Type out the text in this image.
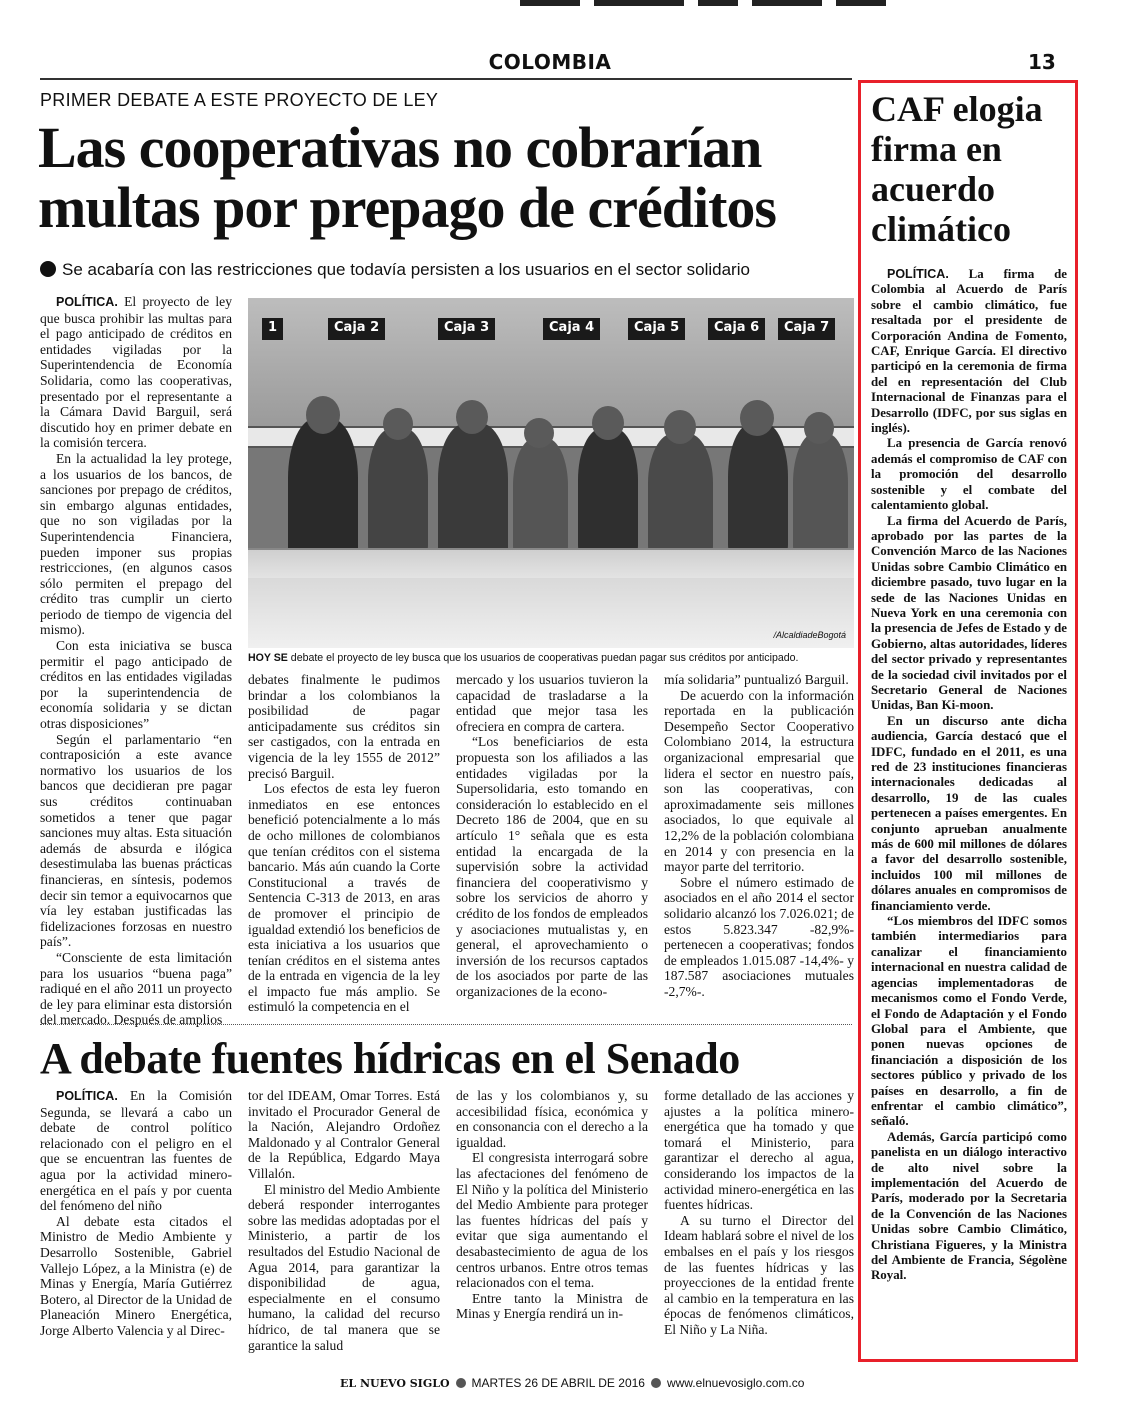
COLOMBIA	13
PRIMER DEBATE A ESTE PROYECTO DE LEY
Las cooperativas no cobrarían multas por prepago de créditos
Se acabaría con las restricciones que todavía persisten a los usuarios en el sector solidario

POLÍTICA. El proyecto de ley que busca prohibir las multas para el pago anticipado de créditos en entidades vigiladas por la Superintendencia de Economía Solidaria, como las cooperativas, presentado por el representante a la Cámara David Barguil, será discutido hoy en primer debate en la comisión tercera.

En la actualidad la ley protege, a los usuarios de los bancos, de sanciones por prepago de créditos, sin embargo algunas entidades, que no son vigiladas por la Superintendencia Financiera, pueden imponer sus propias restricciones, (en algunos casos sólo permiten el prepago del crédito tras cumplir un cierto periodo de tiempo de vigencia del mismo).

Con esta iniciativa se busca permitir el pago anticipado de créditos en las entidades vigiladas por la superintendencia de economía solidaria y se dictan otras disposiciones”

Según el parlamentario “en contraposición a este avance normativo los usuarios de los bancos que decidieran pre pagar sus créditos continuaban sometidos a tener que pagar sanciones muy altas. Esta situación además de absurda e ilógica desestimulaba las buenas prácticas financieras, en síntesis, podemos decir sin temor a equivocarnos que vía ley estaban justificadas las fidelizaciones forzosas en nuestro país”.

“Consciente de esta limitación para los usuarios “buena paga” radiqué en el año 2011 un proyecto de ley para eliminar esta distorsión del mercado. Después de amplios

1	Caja 2	Caja 3	Caja 4	Caja 5	Caja 6	Caja 7
/AlcaldiadeBogotá
HOY SE debate el proyecto de ley busca que los usuarios de cooperativas puedan pagar sus créditos por anticipado.

debates finalmente le pudimos brindar a los colombianos la posibilidad de pagar anticipadamente sus créditos sin ser castigados, con la entrada en vigencia de la ley 1555 de 2012” precisó Barguil.

Los efectos de esta ley fueron inmediatos en ese entonces benefició potencialmente a lo más de ocho millones de colombianos que tenían créditos con el sistema bancario. Más aún cuando la Corte Constitucional a través de Sentencia C-313 de 2013, en aras de promover el principio de igualdad extendió los beneficios de esta iniciativa a los usuarios que tenían créditos en el sistema antes de la entrada en vigencia de la ley el impacto fue más amplio. Se estimuló la competencia en el

mercado y los usuarios tuvieron la capacidad de trasladarse a la entidad que mejor tasa les ofreciera en compra de cartera.

“Los beneficiarios de esta propuesta son los afiliados a las entidades vigiladas por la Supersolidaria, esto tomando en consideración lo establecido en el Decreto 186 de 2004, que en su artículo 1° señala que es esta entidad la encargada de la supervisión sobre la actividad financiera del cooperativismo y sobre los servicios de ahorro y crédito de los fondos de empleados y asociaciones mutualistas y, en general, el aprovechamiento o inversión de los recursos captados de los asociados por parte de las organizaciones de la econo-

mía solidaria” puntualizó Barguil.

De acuerdo con la información reportada en la publicación Desempeño Sector Cooperativo Colombiano 2014, la estructura organizacional empresarial que lidera el sector en nuestro país, son las cooperativas, con aproximadamente seis millones asociados, lo que equivale al 12,2% de la población colombiana en 2014 y con presencia en la mayor parte del territorio.

Sobre el número estimado de asociados en el año 2014 el sector solidario alcanzó los 7.026.021; de estos 5.823.347 -82,9%- pertenecen a cooperativas; fondos de empleados 1.015.087 -14,4%- y 187.587 asociaciones mutuales -2,7%-.

A debate fuentes hídricas en el Senado

POLÍTICA. En la Comisión Segunda, se llevará a cabo un debate de control político relacionado con el peligro en el que se encuentran las fuentes de agua por la actividad minero-energética en el país y por cuenta del fenómeno del niño

Al debate esta citados el Ministro de Medio Ambiente y Desarrollo Sostenible, Gabriel Vallejo López, a la Ministra (e) de Minas y Energía, María Gutiérrez Botero, al Director de la Unidad de Planeación Minero Energética, Jorge Alberto Valencia y al Direc-

tor del IDEAM, Omar Torres. Está invitado el Procurador General de la Nación, Alejandro Ordoñez Maldonado y al Contralor General de la República, Edgardo Maya Villalón.

El ministro del Medio Ambiente deberá responder interrogantes sobre las medidas adoptadas por el Ministerio, a partir de los resultados del Estudio Nacional de Agua 2014, para garantizar la disponibilidad de agua, especialmente en el consumo humano, la calidad del recurso hídrico, de tal manera que se garantice la salud

de las y los colombianos y, su accesibilidad física, económica y en consonancia con el derecho a la igualdad.

El congresista interrogará sobre las afectaciones del fenómeno de El Niño y la política del Ministerio del Medio Ambiente para proteger las fuentes hídricas del país y evitar que siga aumentando el desabastecimiento de agua de los centros urbanos. Entre otros temas relacionados con el tema.

Entre tanto la Ministra de Minas y Energía rendirá un in-

forme detallado de las acciones y ajustes a la política minero-energética que ha tomado y que tomará el Ministerio, para garantizar el derecho al agua, considerando los impactos de la actividad minero-energética en las fuentes hídricas.

A su turno el Director del Ideam hablará sobre el nivel de los embalses en el país y los riesgos de las fuentes hídricas y las proyecciones de la entidad frente al cambio en la temperatura en las épocas de fenómenos climáticos, El Niño y La Niña.

CAF elogia firma en acuerdo climático

POLÍTICA. La firma de Colombia al Acuerdo de París sobre el cambio climático, fue resaltada por el presidente de Corporación Andina de Fomento, CAF, Enrique García. El directivo participó en la ceremonia de firma del en representación del Club Internacional de Finanzas para el Desarrollo (IDFC, por sus siglas en inglés).

La presencia de García renovó además el compromiso de CAF con la promoción del desarrollo sostenible y el combate del calentamiento global.

La firma del Acuerdo de París, aprobado por las partes de la Convención Marco de las Naciones Unidas sobre Cambio Climático en diciembre pasado, tuvo lugar en la sede de las Naciones Unidas en Nueva York en una ceremonia con la presencia de Jefes de Estado y de Gobierno, altas autoridades, líderes del sector privado y representantes de la sociedad civil invitados por el Secretario General de Naciones Unidas, Ban Ki-moon.

En un discurso ante dicha audiencia, García destacó que el IDFC, fundado en el 2011, es una red de 23 instituciones financieras internacionales dedicadas al desarrollo, 19 de las cuales pertenecen a países emergentes. En conjunto aprueban anualmente más de 600 mil millones de dólares a favor del desarrollo sostenible, incluidos 100 mil millones de dólares anuales en compromisos de financiamiento verde.

“Los miembros del IDFC somos también intermediarios para canalizar el financiamiento internacional en nuestra calidad de agencias implementadoras de mecanismos como el Fondo Verde, el Fondo de Adaptación y el Fondo Global para el Ambiente, que ponen nuevas opciones de financiación a disposición de los sectores público y privado de los países en desarrollo, a fin de enfrentar el cambio climático”, señaló.

Además, García participó como panelista en un diálogo interactivo de alto nivel sobre la implementación del Acuerdo de París, moderado por la Secretaria de la Convención de las Naciones Unidas sobre Cambio Climático, Christiana Figueres, y la Ministra del Ambiente de Francia, Ségolène Royal.

EL NUEVO SIGLO MARTES 26 DE ABRIL DE 2016 www.elnuevosiglo.com.co
